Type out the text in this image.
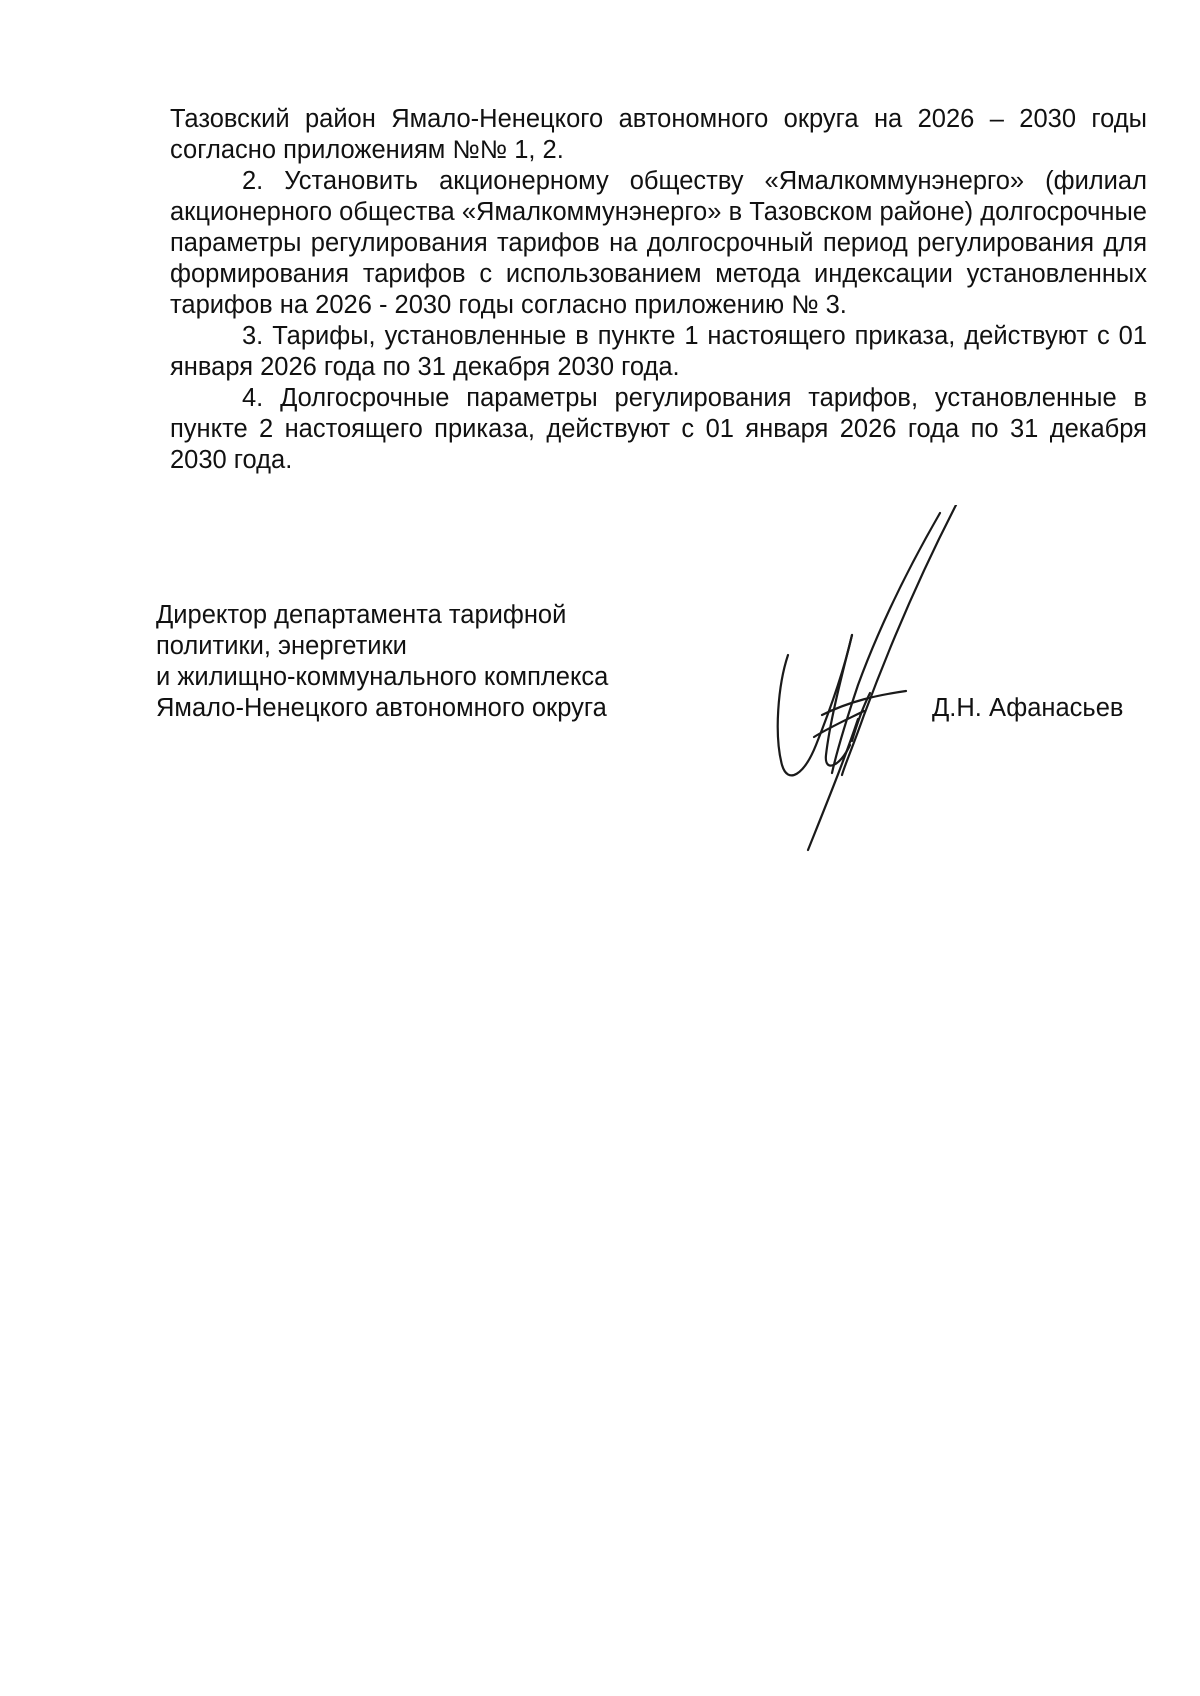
Тазовский район Ямало-Ненецкого автономного округа на 2026 – 2030 годы согласно приложениям №№ 1, 2.

2. Установить акционерному обществу «Ямалкоммунэнерго» (филиал акционерного общества «Ямалкоммунэнерго» в Тазовском районе) долгосрочные параметры регулирования тарифов на долгосрочный период регулирования для формирования тарифов с использованием метода индексации установленных тарифов на 2026 - 2030 годы согласно приложению № 3.

3. Тарифы, установленные в пункте 1 настоящего приказа, действуют с 01 января 2026 года по 31 декабря 2030 года.

4. Долгосрочные параметры регулирования тарифов, установленные в пункте 2 настоящего приказа, действуют с 01 января 2026 года по 31 декабря 2030 года.

Директор департамента тарифной
политики, энергетики
и жилищно-коммунального комплекса
Ямало-Ненецкого автономного округа	Д.Н. Афанасьев
